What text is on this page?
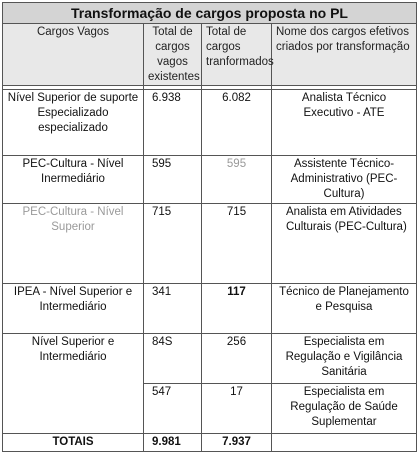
Transformação de cargos proposta no PL			
Cargos Vagos	Total de cargos vagos existentes	Total de cargos tranformados	Nome dos cargos efetivos criados por transformação

Nível Superior de suporte Especializado especializado	6.938	6.082	Analista Técnico Executivo - ATE
PEC-Cultura - Nível Inermediário	595	595	Assistente Técnico-Administrativo (PEC-Cultura)
PEC-Cultura - Nível Superior	715	715	Analista em Atividades Culturais (PEC-Cultura)
IPEA - Nível Superior e Intermediário	341	117	Técnico de Planejamento e Pesquisa
Nível Superior e Intermediário	84S	256	Especialista em Regulação e Vigilância Sanitária
	547	17	Especialista em Regulação de Saúde Suplementar
TOTAIS	9.981	7.937	
